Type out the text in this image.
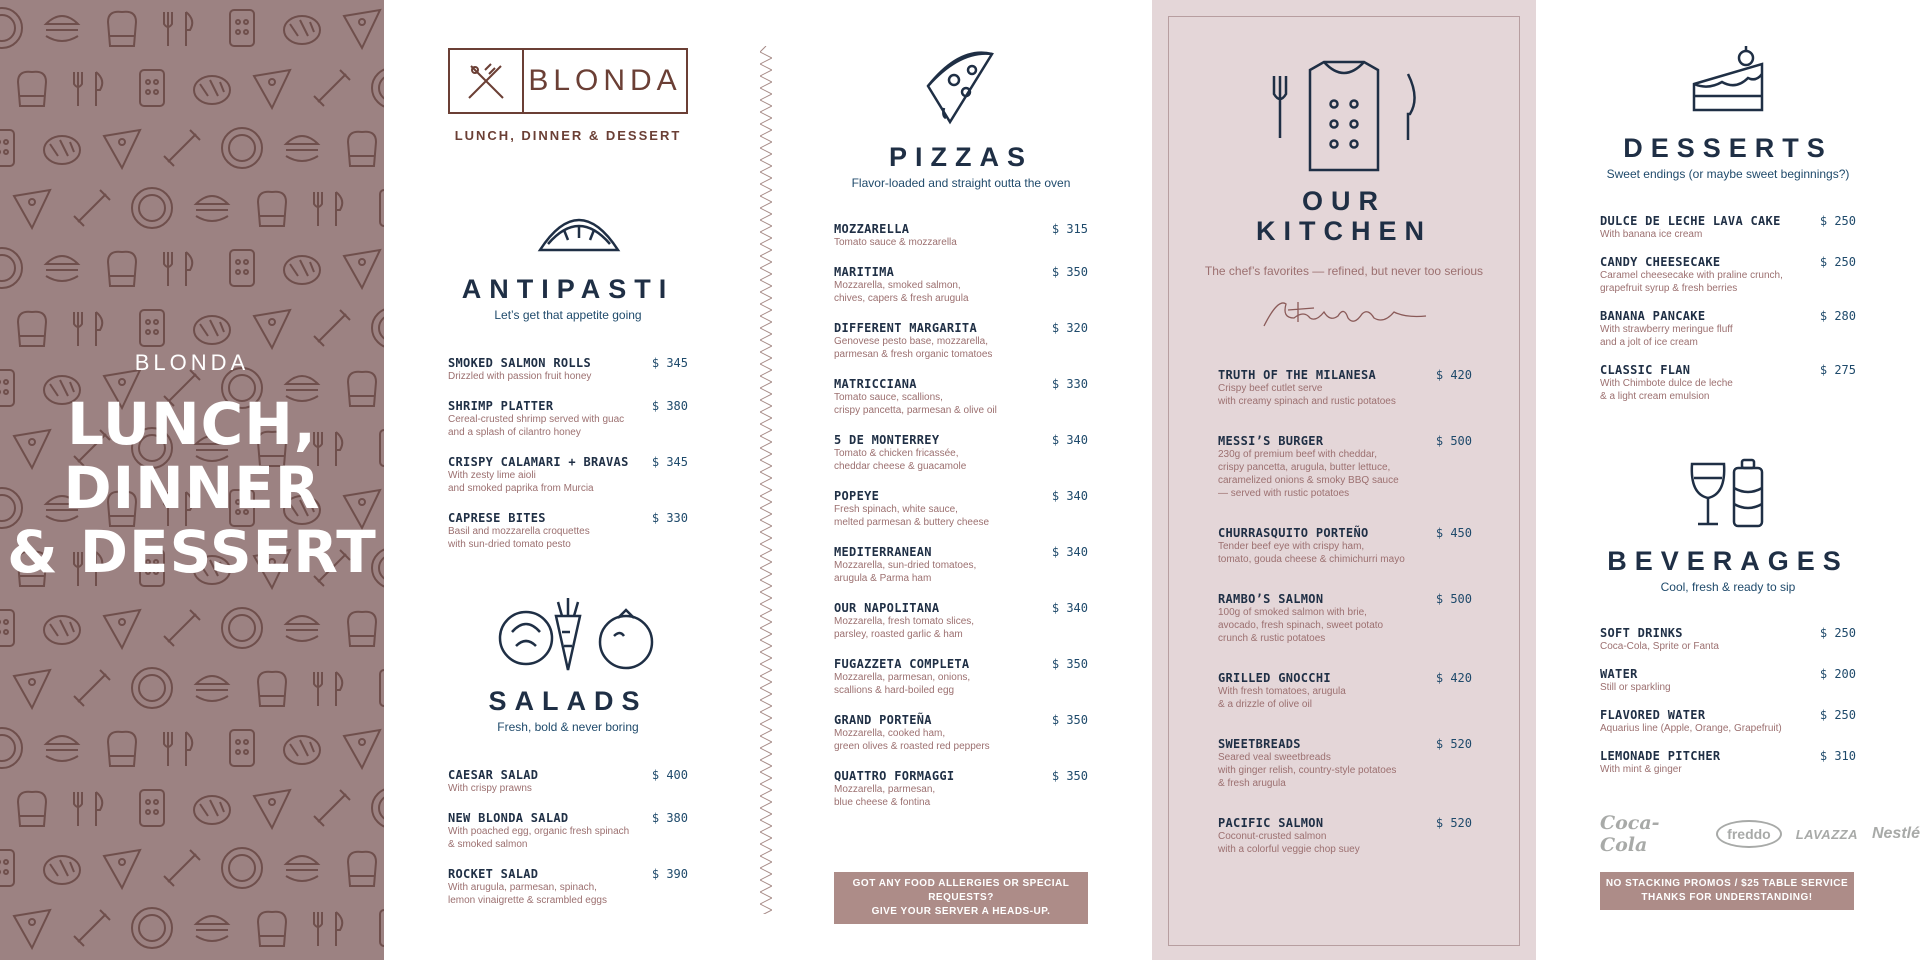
BLONDA
LUNCH,
DINNER
& DESSERT
BLONDA
LUNCH, DINNER & DESSERT
ANTIPASTI
Let’s get that appetite going
SMOKED SALMON ROLLS	$ 345
Drizzled with passion fruit honey
SHRIMP PLATTER	$ 380
Cereal-crusted shrimp served with guac
and a splash of cilantro honey
CRISPY CALAMARI + BRAVAS	$ 345
With zesty lime aioli
and smoked paprika from Murcia
CAPRESE BITES	$ 330
Basil and mozzarella croquettes
with sun-dried tomato pesto
SALADS
Fresh, bold & never boring
CAESAR SALAD	$ 400
With crispy prawns
NEW BLONDA SALAD	$ 380
With poached egg, organic fresh spinach
& smoked salmon
ROCKET SALAD	$ 390
With arugula, parmesan, spinach,
lemon vinaigrette & scrambled eggs
PIZZAS
Flavor-loaded and straight outta the oven
MOZZARELLA	$ 315
Tomato sauce & mozzarella
MARITIMA	$ 350
Mozzarella, smoked salmon,
chives, capers & fresh arugula
DIFFERENT MARGARITA	$ 320
Genovese pesto base, mozzarella,
parmesan & fresh organic tomatoes
MATRICCIANA	$ 330
Tomato sauce, scallions,
crispy pancetta, parmesan & olive oil
5 DE MONTERREY	$ 340
Tomato & chicken fricassée,
cheddar cheese & guacamole
POPEYE	$ 340
Fresh spinach, white sauce,
melted parmesan & buttery cheese
MEDITERRANEAN	$ 340
Mozzarella, sun-dried tomatoes,
arugula & Parma ham
OUR NAPOLITANA	$ 340
Mozzarella, fresh tomato slices,
parsley, roasted garlic & ham
FUGAZZETA COMPLETA	$ 350
Mozzarella, parmesan, onions,
scallions & hard-boiled egg
GRAND PORTEÑA	$ 350
Mozzarella, cooked ham,
green olives & roasted red peppers
QUATTRO FORMAGGI	$ 350
Mozzarella, parmesan,
blue cheese & fontina
GOT ANY FOOD ALLERGIES OR SPECIAL REQUESTS?
GIVE YOUR SERVER A HEADS-UP.
OUR
KITCHEN
The chef’s favorites — refined, but never too serious
TRUTH OF THE MILANESA	$ 420
Crispy beef cutlet serve
with creamy spinach and rustic potatoes
MESSI’S BURGER	$ 500
230g of premium beef with cheddar,
crispy pancetta, arugula, butter lettuce,
caramelized onions & smoky BBQ sauce
— served with rustic potatoes
CHURRASQUITO PORTEÑO	$ 450
Tender beef eye with crispy ham,
tomato, gouda cheese & chimichurri mayo
RAMBO’S SALMON	$ 500
100g of smoked salmon with brie,
avocado, fresh spinach, sweet potato
crunch & rustic potatoes
GRILLED GNOCCHI	$ 420
With fresh tomatoes, arugula
& a drizzle of olive oil
SWEETBREADS	$ 520
Seared veal sweetbreads
with ginger relish, country-style potatoes
& fresh arugula
PACIFIC SALMON	$ 520
Coconut-crusted salmon
with a colorful veggie chop suey
DESSERTS
Sweet endings (or maybe sweet beginnings?)
DULCE DE LECHE LAVA CAKE	$ 250
With banana ice cream
CANDY CHEESECAKE	$ 250
Caramel cheesecake with praline crunch,
grapefruit syrup & fresh berries
BANANA PANCAKE	$ 280
With strawberry meringue fluff
and a jolt of ice cream
CLASSIC FLAN	$ 275
With Chimbote dulce de leche
& a light cream emulsion
BEVERAGES
Cool, fresh & ready to sip
SOFT DRINKS	$ 250
Coca-Cola, Sprite or Fanta
WATER	$ 200
Still or sparkling
FLAVORED WATER	$ 250
Aquarius line (Apple, Orange, Grapefruit)
LEMONADE PITCHER	$ 310
With mint & ginger
Coca-Cola	freddo	LAVAZZA Nestlé
NO STACKING PROMOS / $25 TABLE SERVICE
THANKS FOR UNDERSTANDING!
